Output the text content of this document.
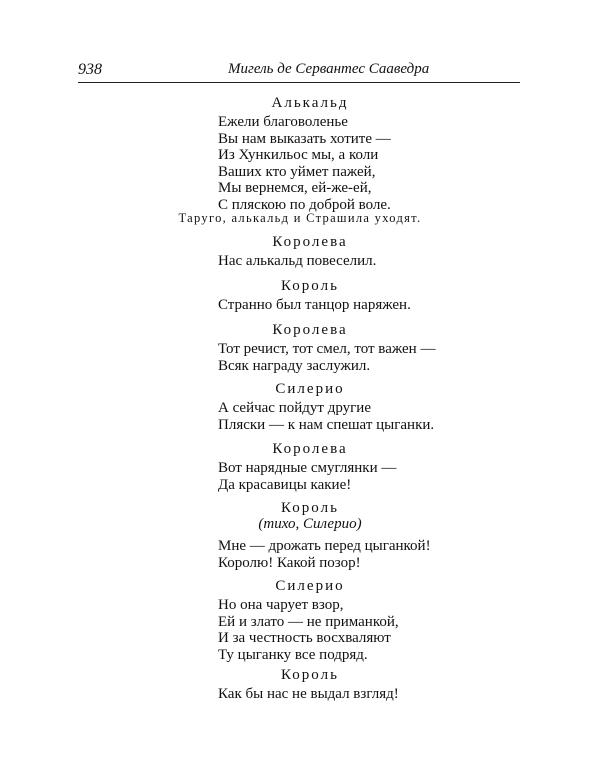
938	Мигель де Сервантес Сааведра
Алькальд
Ежели благоволенье
Вы нам выказать хотите —
Из Хункильос мы, а коли
Ваших кто уймет пажей,
Мы вернемся, ей-же-ей,
С пляскою по доброй воле.
Таруго, алькальд и Страшила уходят.
Королева
Нас алькальд повеселил.
Король
Странно был танцор наряжен.
Королева
Тот речист, тот смел, тот важен —
Всяк награду заслужил.
Силерио
А сейчас пойдут другие
Пляски — к нам спешат цыганки.
Королева
Вот нарядные смуглянки —
Да красавицы какие!
Король
(тихо, Силерио)
Мне — дрожать перед цыганкой!
Королю! Какой позор!
Силерио
Но она чарует взор,
Ей и злато — не приманкой,
И за честность восхваляют
Ту цыганку все подряд.
Король
Как бы нас не выдал взгляд!
